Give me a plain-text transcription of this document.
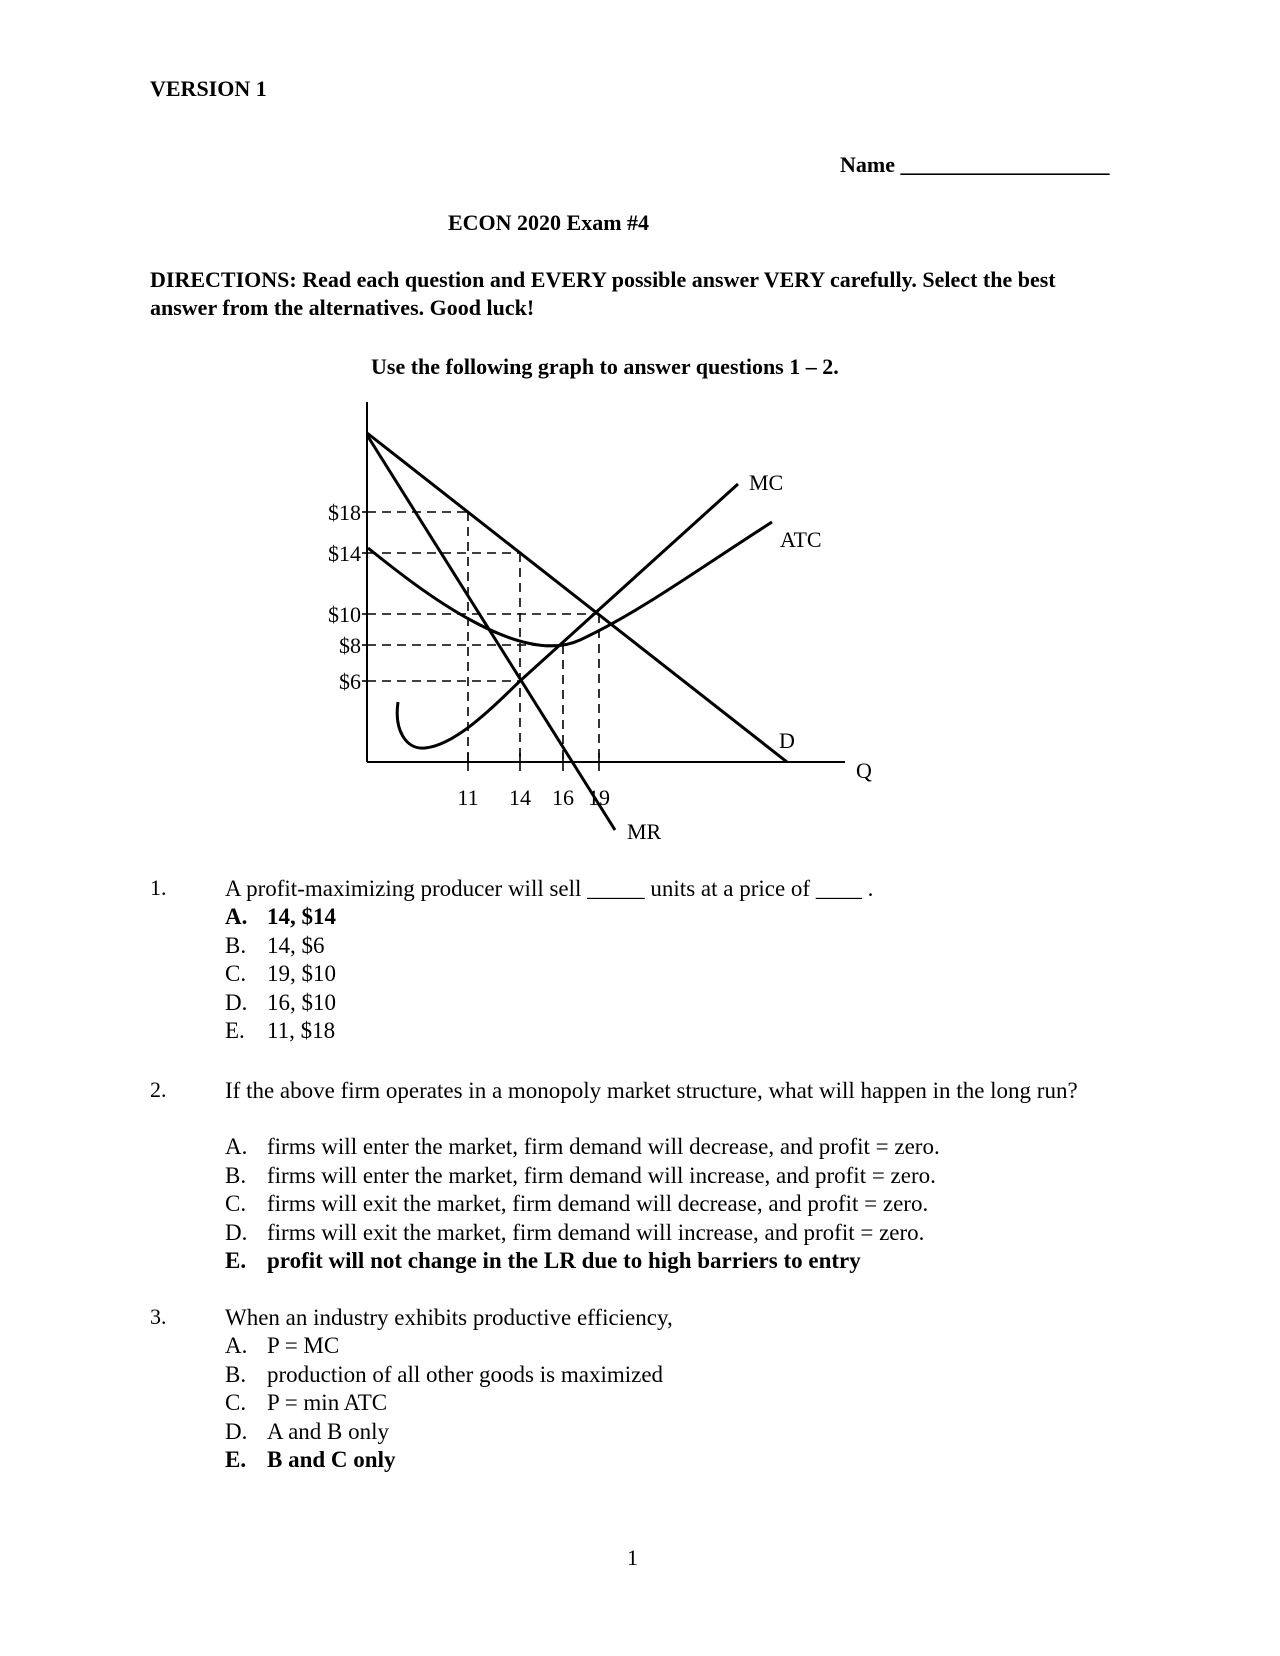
VERSION 1
Name ___________________
ECON 2020 Exam #4
DIRECTIONS: Read each question and EVERY possible answer VERY carefully. Select the best answer from the alternatives. Good luck!
Use the following graph to answer questions 1 – 2.
$18
$14
$10
$8
$6
11 14 16 19
Q
MC
ATC
D
MR
1.	A profit-maximizing producer will sell _____ units at a price of ____ .
A. 14, $14
B. 14, $6
C. 19, $10
D. 16, $10
E. 11, $18
2.	If the above firm operates in a monopoly market structure, what will happen in the long run?
A. firms will enter the market, firm demand will decrease, and profit = zero.
B. firms will enter the market, firm demand will increase, and profit = zero.
C. firms will exit the market, firm demand will decrease, and profit = zero.
D. firms will exit the market, firm demand will increase, and profit = zero.
E. profit will not change in the LR due to high barriers to entry
3.	When an industry exhibits productive efficiency,
A. P = MC
B. production of all other goods is maximized
C. P = min ATC
D. A and B only
E. B and C only
1
